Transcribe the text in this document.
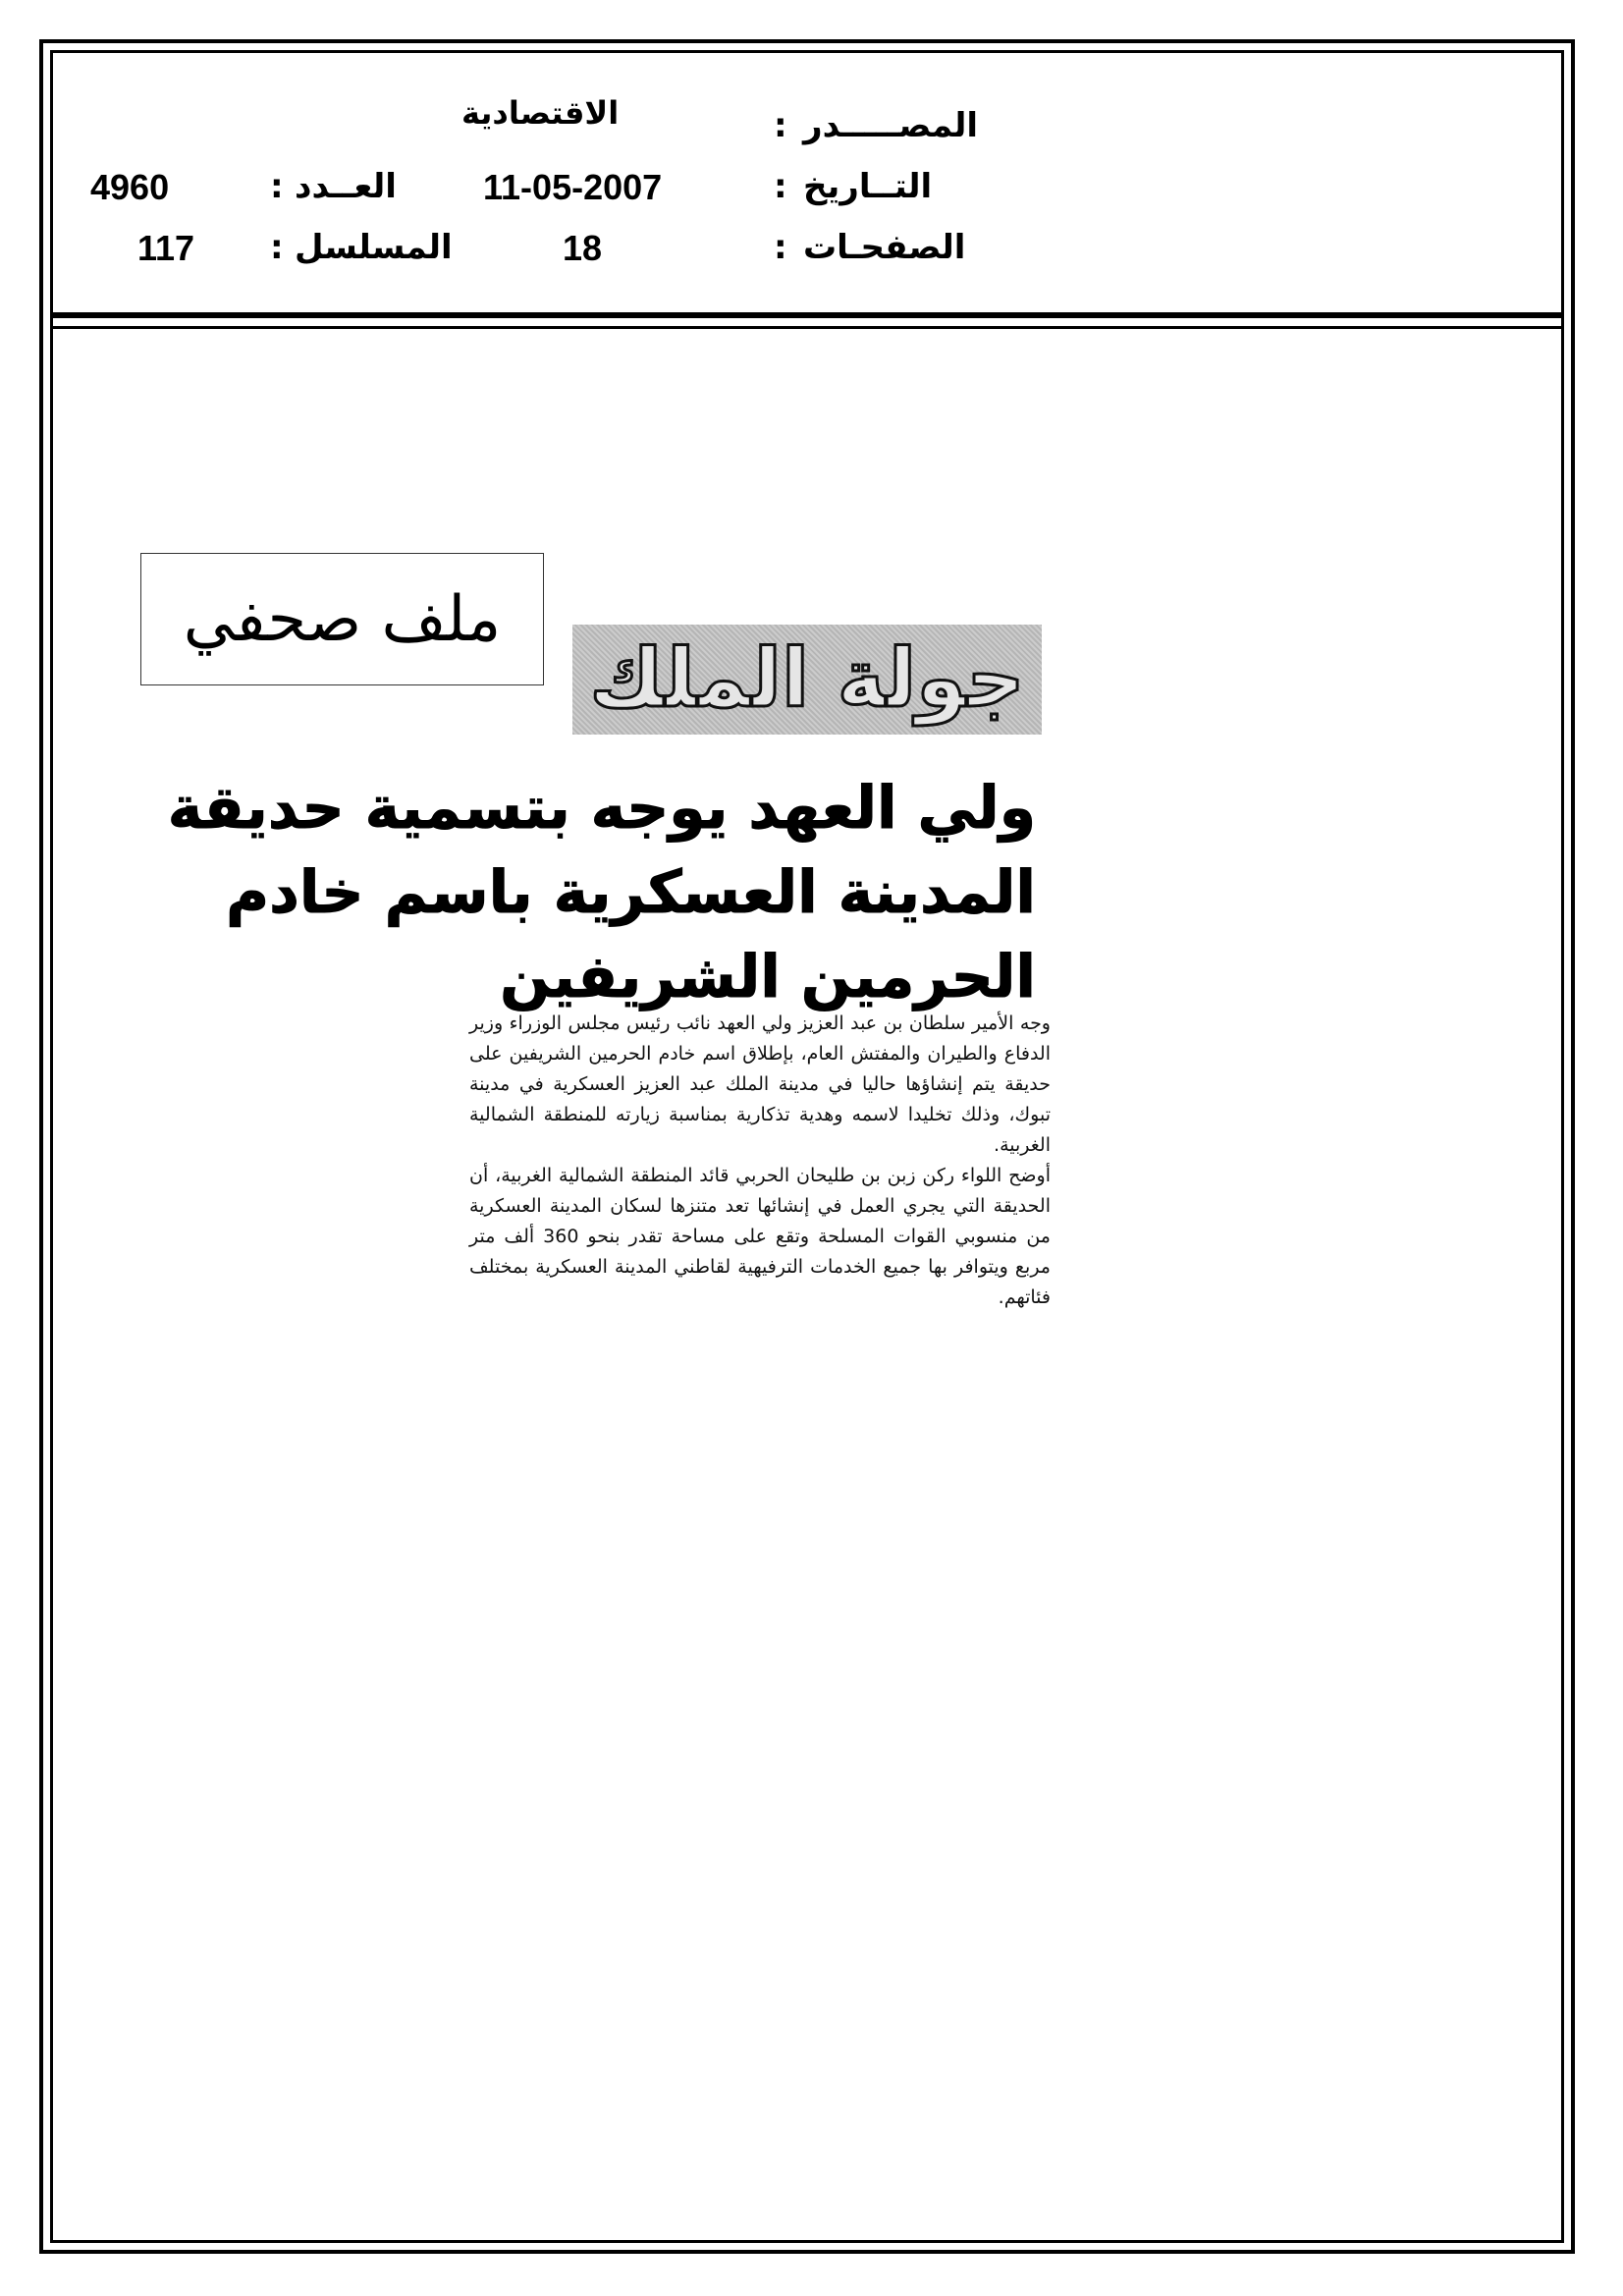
المصـــــدر
:
الاقتصادية
التــاريخ
:
11-05-2007
العــدد
:
4960
الصفحـات
:
18
المسلسل
:
117
ملف صحفي
جولة الملك
ولي العهد يوجه بتسمية حديقة
المدينة العسكرية باسم خادم
الحرمين الشريفين

وجه الأمير سلطان بن عبد العزيز ولي العهد نائب رئيس مجلس الوزراء وزير الدفاع والطيران والمفتش العام، بإطلاق اسم خادم الحرمين الشريفين على حديقة يتم إنشاؤها حاليا في مدينة الملك عبد العزيز العسكرية في مدينة تبوك، وذلك تخليدا لاسمه وهدية تذكارية بمناسبة زيارته للمنطقة الشمالية الغربية.

أوضح اللواء ركن زبن بن طليحان الحربي قائد المنطقة الشمالية الغربية، أن الحديقة التي يجري العمل في إنشائها تعد متنزها لسكان المدينة العسكرية من منسوبي القوات المسلحة وتقع على مساحة تقدر بنحو 360 ألف متر مربع ويتوافر بها جميع الخدمات الترفيهية لقاطني المدينة العسكرية بمختلف فئاتهم.
